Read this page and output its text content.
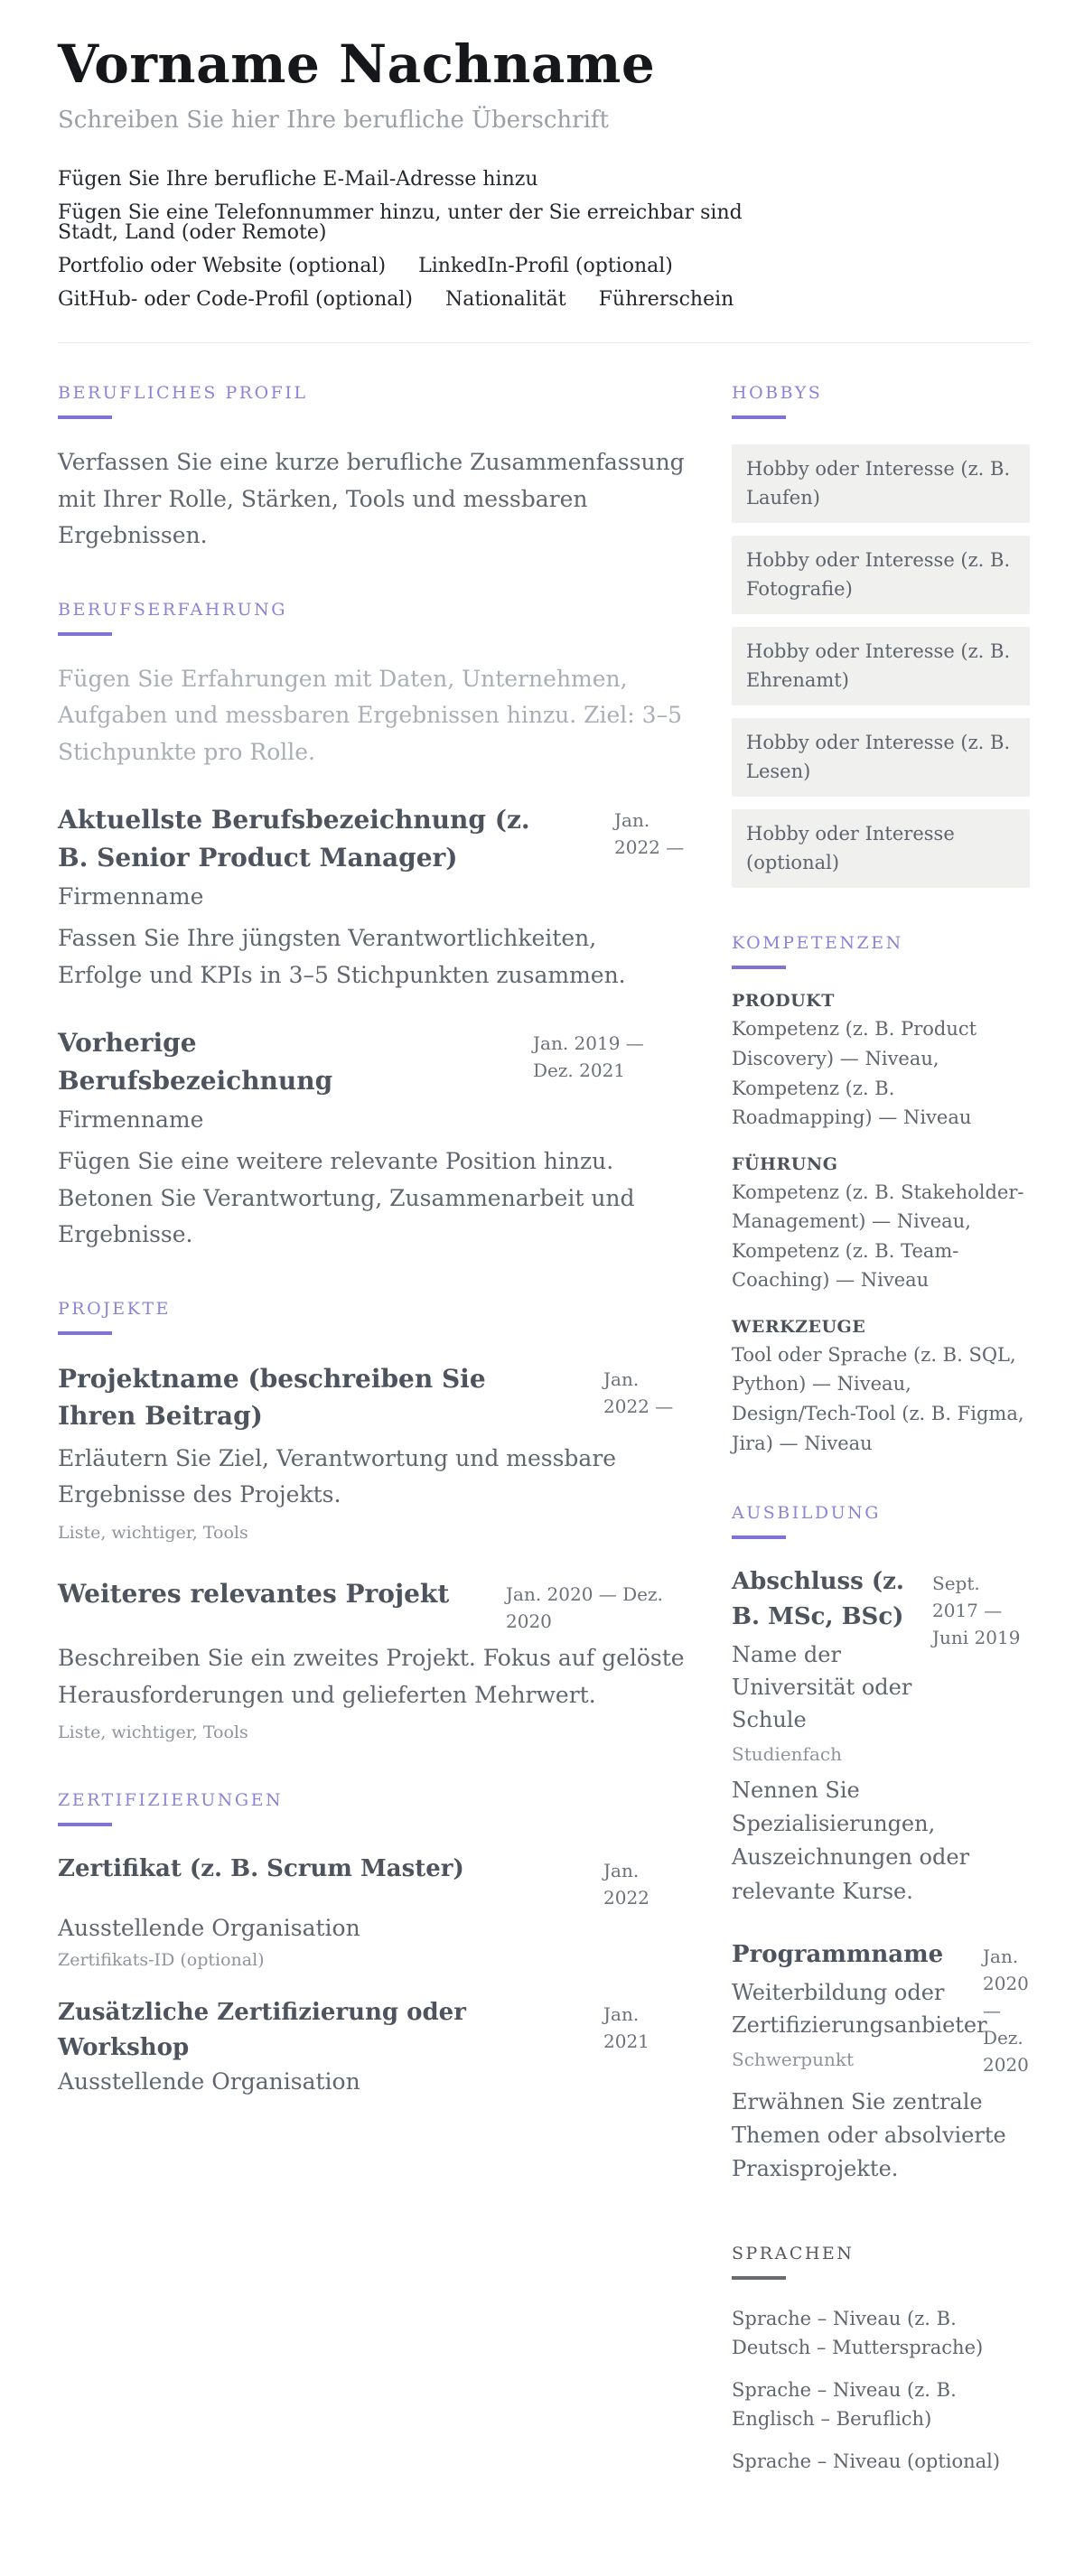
Vorname Nachname

Schreiben Sie hier Ihre berufliche Überschrift

Fügen Sie Ihre berufliche E-Mail-Adresse hinzu
Fügen Sie eine Telefonnummer hinzu, unter der Sie erreichbar sind
Stadt, Land (oder Remote)
Portfolio oder Website (optional) LinkedIn-Profil (optional)
GitHub- oder Code-Profil (optional) Nationalität Führerschein
BERUFLICHES PROFIL

Verfassen Sie eine kurze berufliche Zusammenfassung mit Ihrer Rolle, Stärken, Tools und messbaren Ergebnissen.

BERUFSERFAHRUNG

Fügen Sie Erfahrungen mit Daten, Unternehmen, Aufgaben und messbaren Ergebnissen hinzu. Ziel: 3–5 Stichpunkte pro Rolle.

Aktuellste Berufsbezeichnung (z. B. Senior Product Manager)
Jan. 2022 —

Firmenname

Fassen Sie Ihre jüngsten Verantwortlichkeiten, Erfolge und KPIs in 3–5 Stichpunkten zusammen.

Vorherige Berufsbezeichnung
Jan. 2019 — Dez. 2021

Firmenname

Fügen Sie eine weitere relevante Position hinzu. Betonen Sie Verantwortung, Zusammenarbeit und Ergebnisse.

PROJEKTE
Projektname (beschreiben Sie Ihren Beitrag)
Jan. 2022 —

Erläutern Sie Ziel, Verantwortung und messbare Ergebnisse des Projekts.

Liste, wichtiger, Tools

Weiteres relevantes Projekt	Jan. 2020 — Dez. 2020

Beschreiben Sie ein zweites Projekt. Fokus auf gelöste Herausforderungen und gelieferten Mehrwert.

Liste, wichtiger, Tools

ZERTIFIZIERUNGEN
Zertifikat (z. B. Scrum Master)	Jan. 2022

Ausstellende Organisation

Zertifikats-ID (optional)

Zusätzliche Zertifizierung oder Workshop
Jan. 2021

Ausstellende Organisation

HOBBYS
Hobby oder Interesse (z. B. Laufen)
Hobby oder Interesse (z. B. Fotografie)
Hobby oder Interesse (z. B. Ehrenamt)
Hobby oder Interesse (z. B. Lesen)
Hobby oder Interesse (optional)
KOMPETENZEN

PRODUKT

Kompetenz (z. B. Product Discovery) — Niveau, Kompetenz (z. B. Roadmapping) — Niveau

FÜHRUNG

Kompetenz (z. B. Stakeholder-Management) — Niveau, Kompetenz (z. B. Team-Coaching) — Niveau

WERKZEUGE

Tool oder Sprache (z. B. SQL, Python) — Niveau, Design/Tech-Tool (z. B. Figma, Jira) — Niveau

AUSBILDUNG
Abschluss (z. B. MSc, BSc)

Name der Universität oder Schule

Studienfach

Sept. 2017 — Juni 2019

Nennen Sie Spezialisierungen, Auszeichnungen oder relevante Kurse.

Programmname

Weiterbildung oder Zertifizierungsanbieter

Schwerpunkt

Jan. 2020 — Dez. 2020

Erwähnen Sie zentrale Themen oder absolvierte Praxisprojekte.

SPRACHEN

Sprache – Niveau (z. B. Deutsch – Muttersprache)

Sprache – Niveau (z. B. Englisch – Beruflich)

Sprache – Niveau (optional)
